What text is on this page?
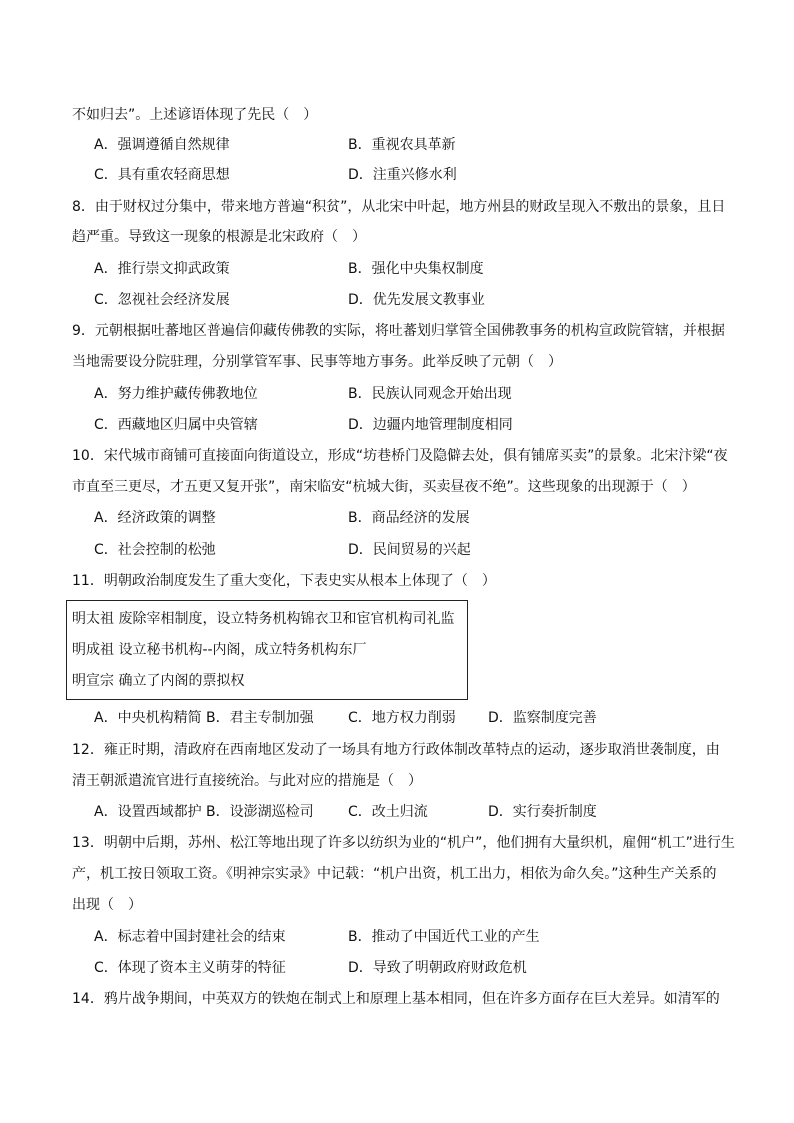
不如归去”。上述谚语体现了先民（　）
A．强调遵循自然规律	B．重视农具革新
C．具有重农轻商思想	D．注重兴修水利
8．由于财权过分集中，带来地方普遍“积贫”，从北宋中叶起，地方州县的财政呈现入不敷出的景象，且日
趋严重。导致这一现象的根源是北宋政府（　）
A．推行崇文抑武政策	B．强化中央集权制度
C．忽视社会经济发展	D．优先发展文教事业
9．元朝根据吐蕃地区普遍信仰藏传佛教的实际，将吐蕃划归掌管全国佛教事务的机构宣政院管辖，并根据
当地需要设分院驻理，分别掌管军事、民事等地方事务。此举反映了元朝（　）
A．努力维护藏传佛教地位	B．民族认同观念开始出现
C．西藏地区归属中央管辖	D．边疆内地管理制度相同
10．宋代城市商铺可直接面向街道设立，形成“坊巷桥门及隐僻去处，俱有铺席买卖”的景象。北宋汴梁“夜
市直至三更尽，才五更又复开张”，南宋临安“杭城大街，买卖昼夜不绝”。这些现象的出现源于（　）
A．经济政策的调整	B．商品经济的发展
C．社会控制的松弛	D．民间贸易的兴起
11．明朝政治制度发生了重大变化，下表史实从根本上体现了（　）
明太祖 废除宰相制度，设立特务机构锦衣卫和宦官机构司礼监
明成祖 设立秘书机构--内阁，成立特务机构东厂
明宣宗 确立了内阁的票拟权
A．中央机构精简 B．君主专制加强 C．地方权力削弱 D．监察制度完善
12．雍正时期，清政府在西南地区发动了一场具有地方行政体制改革特点的运动，逐步取消世袭制度，由
清王朝派遣流官进行直接统治。与此对应的措施是（　）
A．设置西域都护 B．设澎湖巡检司 C．改土归流	D．实行奏折制度
13．明朝中后期，苏州、松江等地出现了许多以纺织为业的“机户”，他们拥有大量织机，雇佣“机工”进行生
产，机工按日领取工资。《明神宗实录》中记载：“机户出资，机工出力，相依为命久矣。”这种生产关系的
出现（　）
A．标志着中国封建社会的结束	B．推动了中国近代工业的产生
C．体现了资本主义萌芽的特征	D．导致了明朝政府财政危机
14．鸦片战争期间，中英双方的铁炮在制式上和原理上基本相同，但在许多方面存在巨大差异。如清军的
